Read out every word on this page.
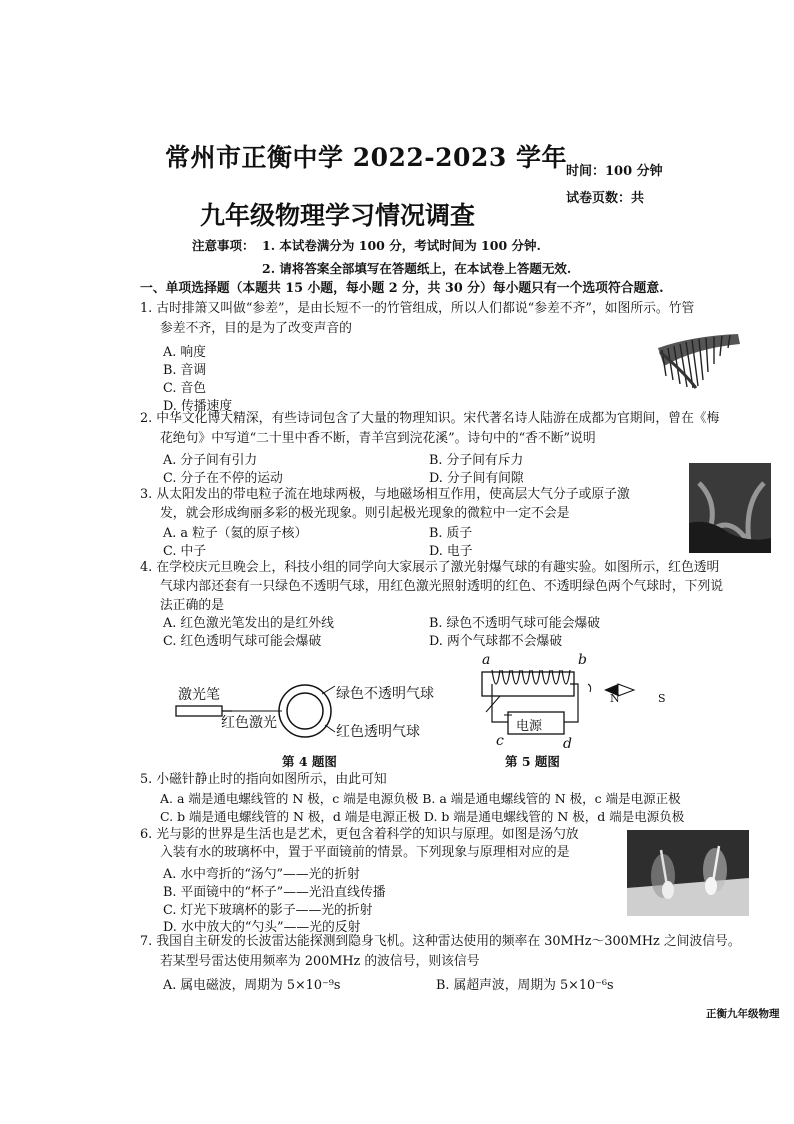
常州市正衡中学 2022-2023 学年 时间：100 分钟
试卷页数：共
九年级物理学习情况调查
注意事项： 1. 本试卷满分为 100 分，考试时间为 100 分钟.
2. 请将答案全部填写在答题纸上，在本试卷上答题无效.
一、单项选择题（本题共 15 小题，每小题 2 分，共 30 分）每小题只有一个选项符合题意.
1. 古时排箫又叫做“参差”，是由长短不一的竹管组成，所以人们都说“参差不齐”，如图所示。竹管
参差不齐，目的是为了改变声音的
A. 响度
B. 音调
C. 音色
D. 传播速度
2. 中华文化博大精深，有些诗词包含了大量的物理知识。宋代著名诗人陆游在成都为官期间，曾在《梅
花绝句》中写道“二十里中香不断，青羊宫到浣花溪”。诗句中的“香不断”说明
A. 分子间有引力	B. 分子间有斥力
C. 分子在不停的运动	D. 分子间有间隙
3. 从太阳发出的带电粒子流在地球两极，与地磁场相互作用，使高层大气分子或原子激
发，就会形成绚丽多彩的极光现象。则引起极光现象的微粒中一定不会是
A. a 粒子（氦的原子核）	B. 质子
C. 中子	D. 电子
4. 在学校庆元旦晚会上，科技小组的同学向大家展示了激光射爆气球的有趣实验。如图所示，红色透明
气球内部还套有一只绿色不透明气球，用红色激光照射透明的红色、不透明绿色两个气球时，下列说
法正确的是
A. 红色激光笔发出的是红外线	B. 绿色不透明气球可能会爆破
C. 红色透明气球可能会爆破	D. 两个气球都不会爆破
激光笔
红色激光
绿色不透明气球
红色透明气球
第 4 题图
a	b
c	d
N	S
电源
第 5 题图
5. 小磁针静止时的指向如图所示，由此可知
A. a 端是通电螺线管的 N 极，c 端是电源负极 B. a 端是通电螺线管的 N 极，c 端是电源正极
C. b 端是通电螺线管的 N 极，d 端是电源正极 D. b 端是通电螺线管的 N 极，d 端是电源负极
6. 光与影的世界是生活也是艺术，更包含着科学的知识与原理。如图是汤勺放
入装有水的玻璃杯中，置于平面镜前的情景。下列现象与原理相对应的是
A. 水中弯折的“汤勺”——光的折射
B. 平面镜中的“杯子”——光沿直线传播
C. 灯光下玻璃杯的影子——光的折射
D. 水中放大的“勺头”——光的反射
7. 我国自主研发的长波雷达能探测到隐身飞机。这种雷达使用的频率在 30MHz～300MHz 之间波信号。
若某型号雷达使用频率为 200MHz 的波信号，则该信号
A. 属电磁波，周期为 5×10⁻⁹s	B. 属超声波，周期为 5×10⁻⁶s
正衡九年级物理
